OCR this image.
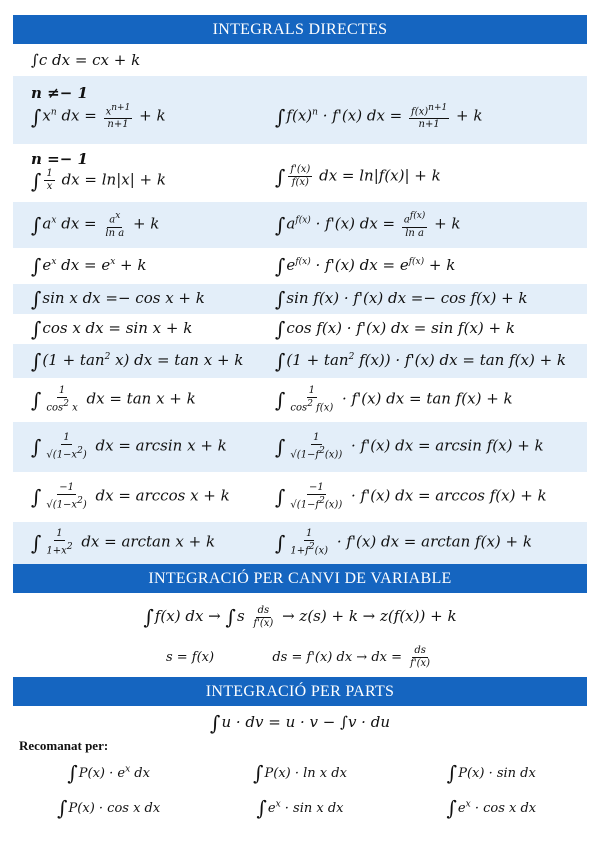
INTEGRALS DIRECTES
∫c dx = cx + k
n ≠− 1
$\int x^n$ dx = $\frac{x^{n+1}}{n+1} + k$	$\int f(x)^n \cdot f'(x)$ dx = $\frac{f(x)^{n+1}}{n+1} + k$
n =− 1
∫ $\frac{1}{x}$ dx = ln|x| + k	∫ $\frac{f'(x)}{f(x)}$ dx = ln|f(x)| + k
$\int a^x$ dx = $\frac{a^x}{\text{ln a}} + k$	$\int a^{f(x)} \cdot f'(x)$ dx = $\frac{a^{f(x)}}{\text{ln a}} + k$
$\int e^x$ dx = $e^x + k$	$\int e^{f(x)} \cdot f'(x)$ dx = $e^{f(x)} + k$
∫sin x dx =− cos x + k	∫sin f(x) · f'(x) dx =− cos f(x) + k
∫cos x dx = sin x + k	∫cos f(x) · f'(x) dx = sin f(x) + k
$\int(1 + \tan^2 x)$ dx = tan x + k	$\int(1 + \tan^2 f(x)) \cdot f'(x)$ dx = tan f(x) + k
∫ $\frac{1}{\cos^2 x}$ dx = tan x + k	∫ $\frac{1}{\cos^2 f(x)} \cdot f'(x)$ dx = tan f(x) + k
∫ $\frac{1}{√(1-x^2)}$ dx = arcsin x + k	∫ $\frac{1}{√(1-f^2(x))} \cdot f'(x)$ dx = arcsin f(x) + k
∫ $\frac{-1}{√(1-x^2)}$ dx = arccos x + k	∫ $\frac{-1}{√(1-f^2(x))} \cdot f'(x)$ dx = arccos f(x) + k
∫ $\frac{1}{1+x^2}$ dx = arctan x + k	∫ $\frac{1}{1+f^2(x)} \cdot f'(x)$ dx = arctan f(x) + k
INTEGRACIÓ PER CANVI DE VARIABLE
∫f(x) dx → $\int s \frac{ds}{f'(x)} \to z(s) + k \to z(f(x)) + k$
s = f(x)	ds = f'(x) dx → dx = $\frac{ds}{f'(x)}$
INTEGRACIÓ PER PARTS
∫u · dv = u · v − ∫v · du
Recomanat per:
$\int P(x) \cdot e^x$ dx	∫P(x) · ln x dx	∫P(x) · sin dx
∫P(x) · cos x dx	$\int e^x \cdot \sin x$ dx	$\int e^x \cdot \cos x$ dx
